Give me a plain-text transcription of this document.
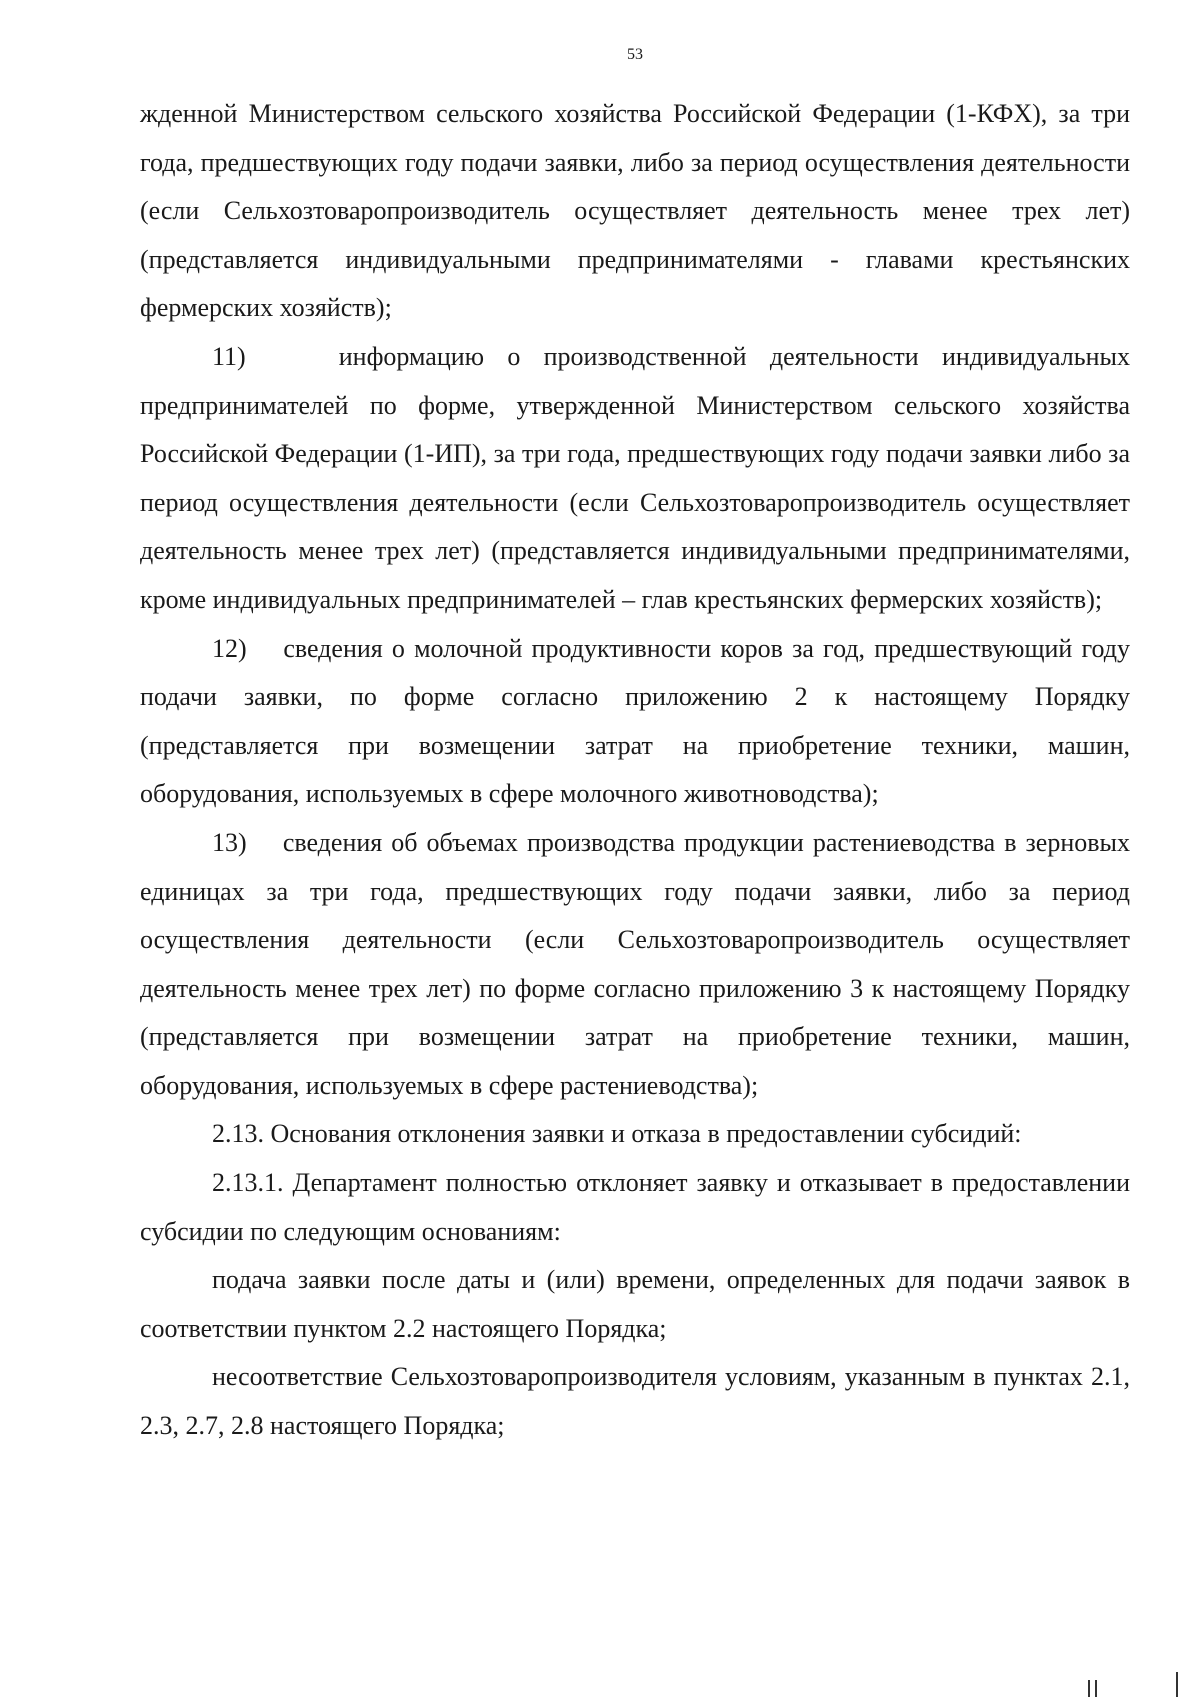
53

жденной Министерством сельского хозяйства Российской Федерации (1-КФХ), за три года, предшествующих году подачи заявки, либо за период осуществления деятельности (если Сельхозтоваропроизводитель осуществляет деятельность менее трех лет) (представляется индивидуальными предпринимателями - главами крестьянских фермерских хозяйств);

11)    информацию о производственной деятельности индивидуальных предпринимателей по форме, утвержденной Министерством сельского хозяйства Российской Федерации (1-ИП), за три года, предшествующих году подачи заявки либо за период осуществления деятельности (если Сельхозтоваропроизводитель осуществляет деятельность менее трех лет) (представляется индивидуальными предпринимателями, кроме индивидуальных предпринимателей – глав крестьянских фермерских хозяйств);

12)    сведения о молочной продуктивности коров за год, предшествующий году подачи заявки, по форме согласно приложению 2 к настоящему Порядку (представляется при возмещении затрат на приобретение техники, машин, оборудования, используемых в сфере молочного животноводства);

13)    сведения об объемах производства продукции растениеводства в зерновых единицах за три года, предшествующих году подачи заявки, либо за период осуществления деятельности (если Сельхозтоваропроизводитель осуществляет деятельность менее трех лет) по форме согласно приложению 3 к настоящему Порядку (представляется при возмещении затрат на приобретение техники, машин, оборудования, используемых в сфере растениеводства);

2.13. Основания отклонения заявки и отказа в предоставлении субсидий:

2.13.1. Департамент полностью отклоняет заявку и отказывает в предоставлении субсидии по следующим основаниям:

подача заявки после даты и (или) времени, определенных для подачи заявок в соответствии пунктом 2.2 настоящего Порядка;

несоответствие Сельхозтоваропроизводителя условиям, указанным в пунктах 2.1, 2.3, 2.7, 2.8 настоящего Порядка;
